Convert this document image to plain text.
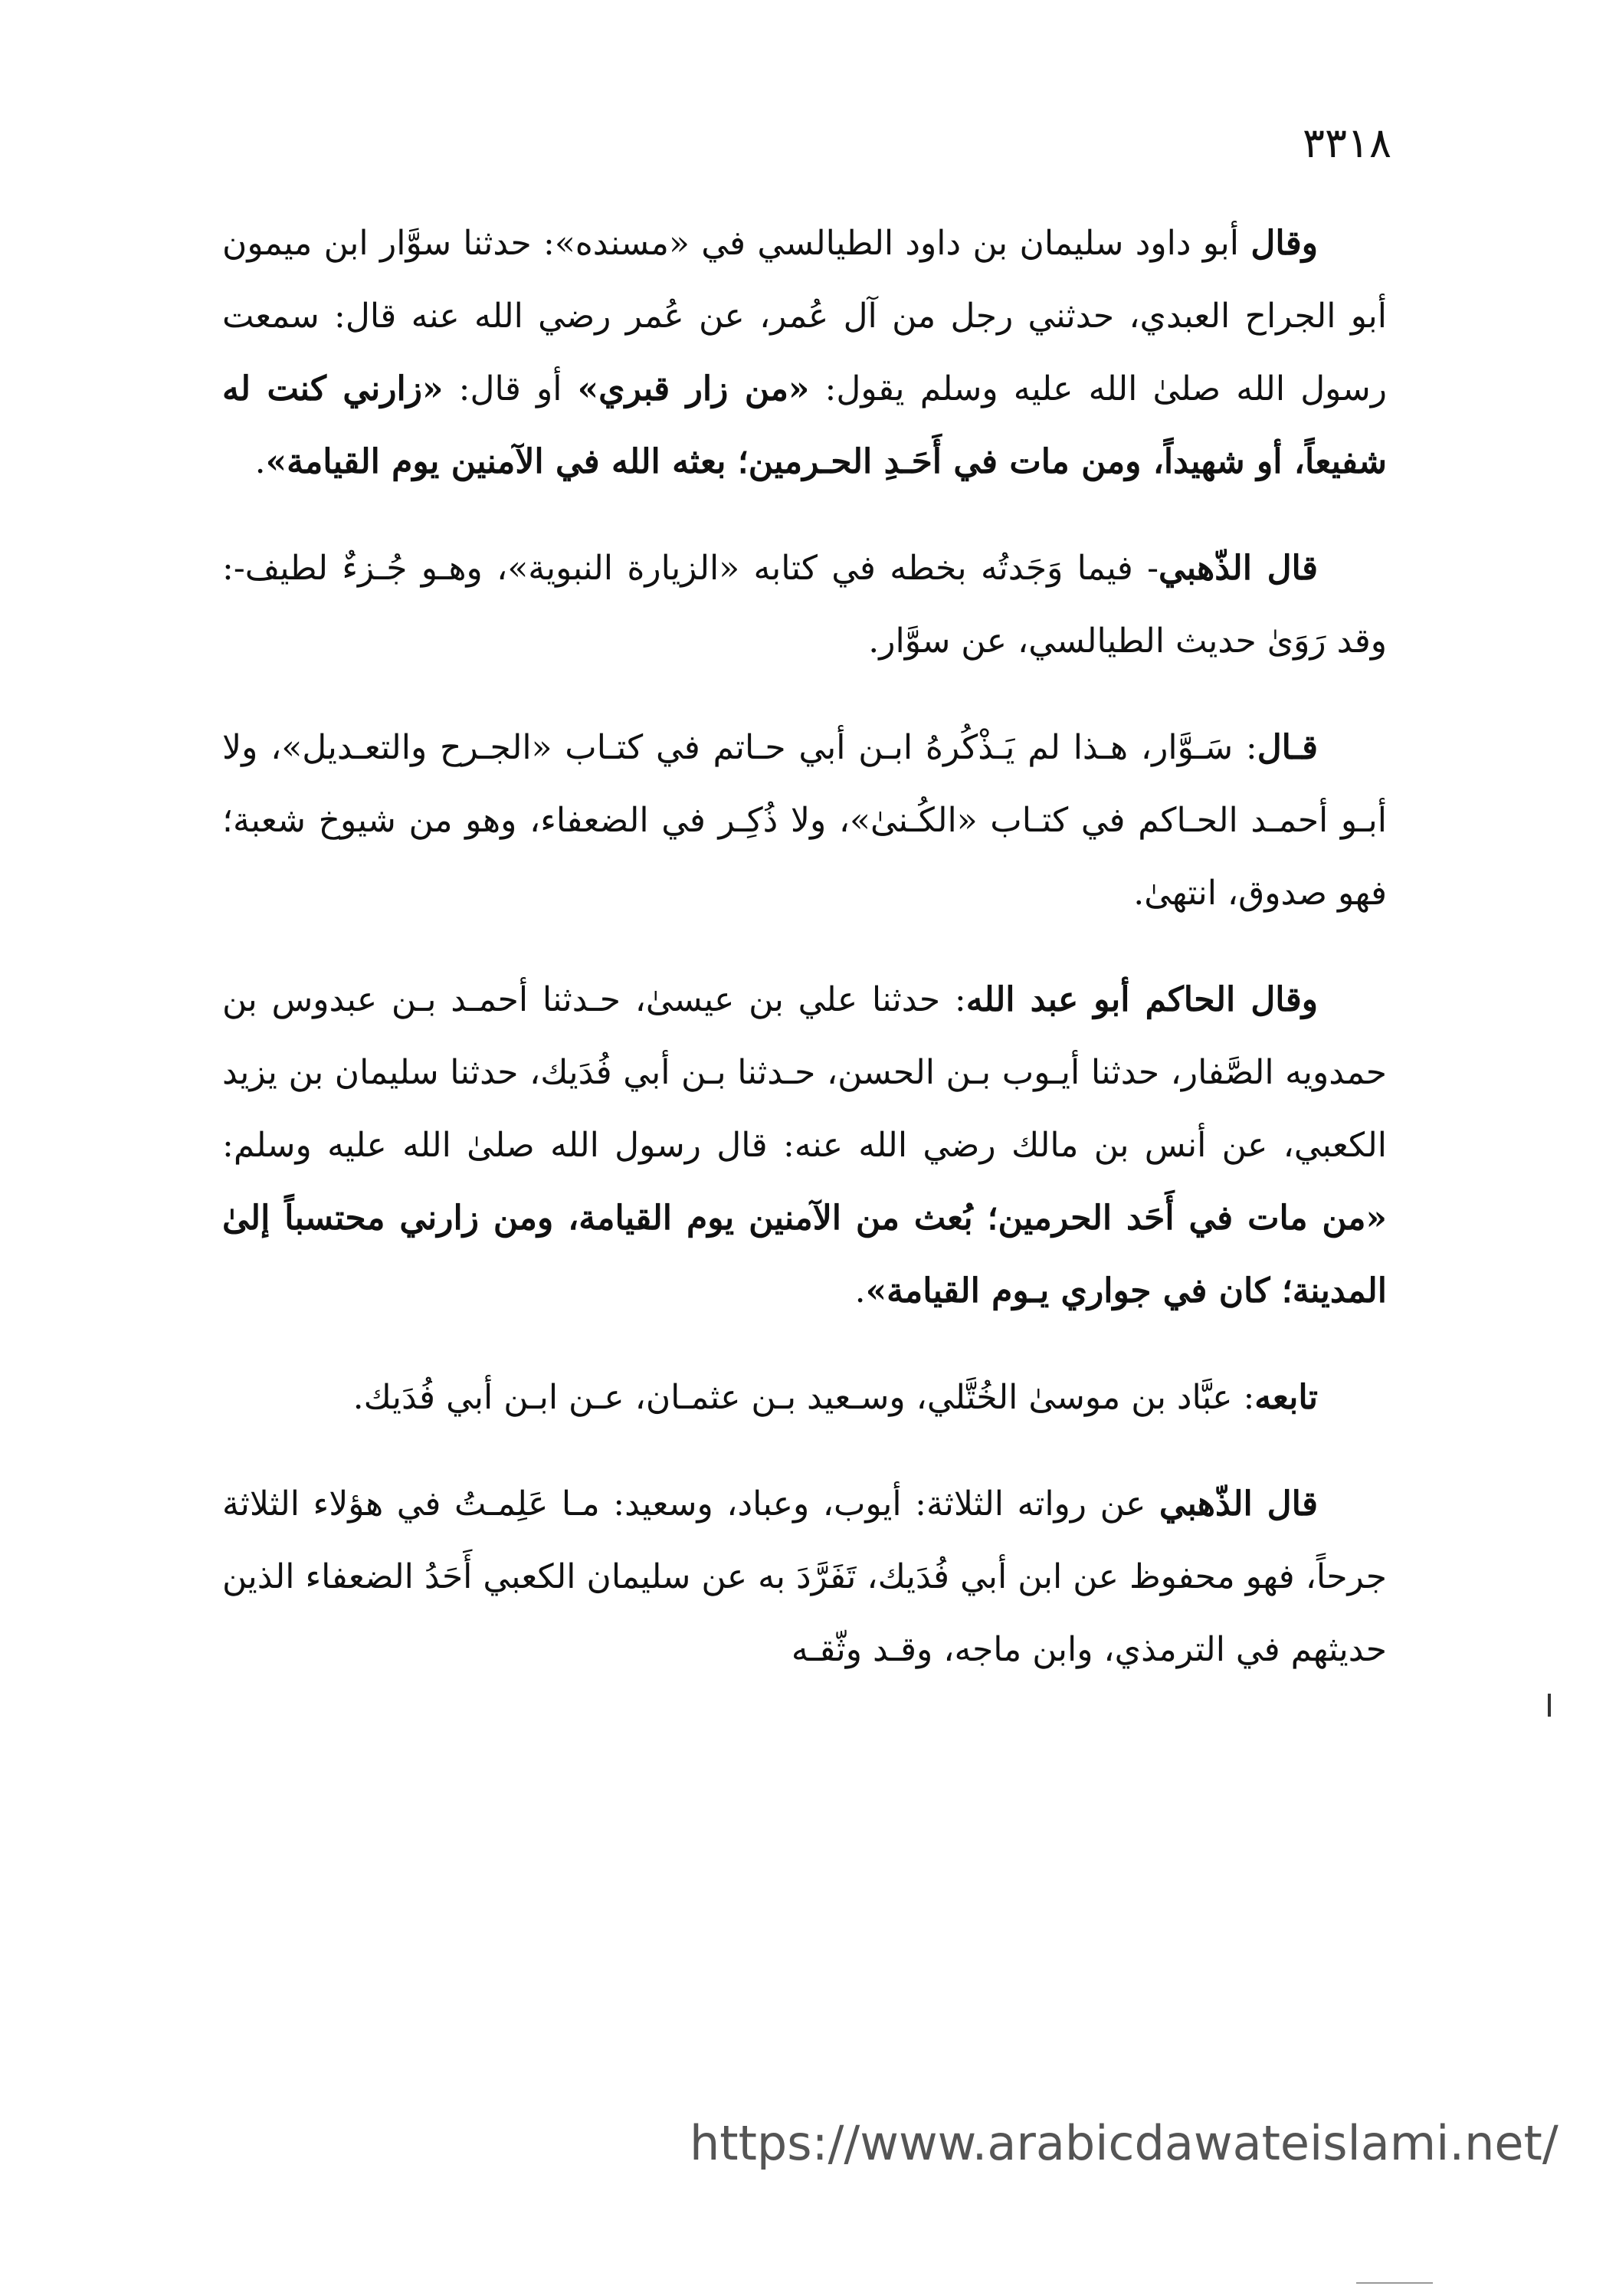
٣٣١٨

وقال أبو داود سليمان بن داود الطيالسي في «مسنده»: حدثنا سوَّار ابن ميمون أبو الجراح العبدي، حدثني رجل من آل عُمر، عن عُمر رضي الله عنه قال: سمعت رسول الله صلىٰ الله عليه وسلم يقول: «من زار قبري» أو قال: «زارني كنت له شفيعاً، أو شهيداً، ومن مات في أَحَـدِ الحـرمين؛ بعثه الله في الآمنين يوم القيامة».

قال الذّهبي- فيما وَجَدتُه بخطه في كتابه «الزيارة النبوية»، وهـو جُـزءٌ لطيف-: وقد رَوَىٰ حديث الطيالسي، عن سوَّار.

قـال: سَـوَّار، هـذا لم يَـذْكُرهُ ابـن أبي حـاتم في كتـاب «الجـرح والتعـديل»، ولا أبـو أحمـد الحـاكم في كتـاب «الكُـنىٰ»، ولا ذُكِـر في الضعفاء، وهو من شيوخ شعبة؛ فهو صدوق، انتهىٰ.

وقال الحاكم أبو عبد الله: حدثنا علي بن عيسىٰ، حـدثنا أحمـد بـن عبدوس بن حمدويه الصَّفار، حدثنا أيـوب بـن الحسن، حـدثنا بـن أبي فُدَيك، حدثنا سليمان بن يزيد الكعبي، عن أنس بن مالك رضي الله عنه: قال رسول الله صلىٰ الله عليه وسلم: «من مات في أَحَد الحرمين؛ بُعث من الآمنين يوم القيامة، ومن زارني محتسباً إلىٰ المدينة؛ كان في جواري يـوم القيامة».

تابعه: عبَّاد بن موسىٰ الخُتَّلي، وسـعيد بـن عثمـان، عـن ابـن أبي فُدَيك.

قال الذّهبي عن رواته الثلاثة: أيوب، وعباد، وسعيد: مـا عَلِمـتُ في هؤلاء الثلاثة جرحاً، فهو محفوظ عن ابن أبي فُدَيك، تَفَرَّدَ به عن سليمان الكعبي أَحَدُ الضعفاء الذين حديثهم في الترمذي، وابن ماجه، وقـد وثّقـه

https://www.arabicdawateislami.net/
